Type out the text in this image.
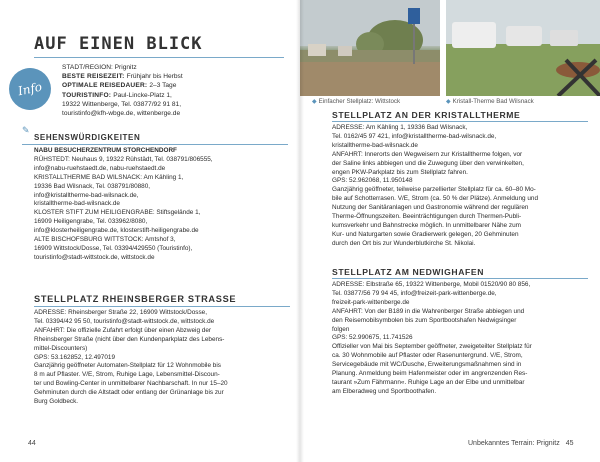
AUF EINEN BLICK
Info
STADT/REGION: Prignitz
BESTE REISEZEIT: Frühjahr bis Herbst
OPTIMALE REISEDAUER: 2–3 Tage
TOURISTINFO: Paul-Lincke-Platz 1,
19322 Wittenberge, Tel. 03877/92 91 81,
touristinfo@kfh-wbge.de, wittenberge.de
✎
SEHENSWÜRDIGKEITEN

NABU BESUCHERZENTRUM STORCHENDORF

RÜHSTEDT: Neuhaus 9, 19322 Rühstädt, Tel. 038791/806555,

info@nabu-ruehstaedt.de, nabu-ruehstaedt.de

KRISTALLTHERME BAD WILSNACK: Am Kähling 1,

19336 Bad Wilsnack, Tel. 038791/80880,

info@kristalltherme-bad-wilsnack.de,

kristalltherme-bad-wilsnack.de

KLOSTER STIFT ZUM HEILIGENGRABE: Stiftsgelände 1,

16909 Heiligengrabe, Tel. 033962/8080,

info@klosterheiligengrabe.de, klosterstift-heiligengrabe.de

ALTE BISCHOFSBURG WITTSTOCK: Amtshof 3,

16909 Wittstock/Dosse, Tel. 03394/429550 (Touristinfo),

touristinfo@stadt-wittstock.de, wittstock.de

STELLPLATZ RHEINSBERGER STRASSE

ADRESSE: Rheinsberger Straße 22, 16909 Wittstock/Dosse,

Tel. 03394/42 95 50, touristinfo@stadt-wittstock.de, wittstock.de

ANFAHRT: Die offizielle Zufahrt erfolgt über einen Abzweig der

Rheinsberger Straße (nicht über den Kundenparkplatz des Lebens-

mittel-Discounters)

GPS: 53.162852, 12.497019

Ganzjährig geöffneter Automaten-Stellplatz für 12 Wohnmobile bis

8 m auf Pflaster. V/E, Strom, Ruhige Lage, Lebensmittel-Discoun-

ter und Bowling-Center in unmittelbarer Nachbarschaft. In nur 15–20

Gehminuten durch die Altstadt oder entlang der Grünanlage bis zur

Burg Goldbeck.

44
◆ Einfacher Stellplatz: Wittstock	◆ Kristall-Therme Bad Wilsnack
STELLPLATZ AN DER KRISTALLTHERME

ADRESSE: Am Kähling 1, 19336 Bad Wilsnack,

Tel. 0162/45 97 421, info@kristalltherme-bad-wilsnack.de,

kristalltherme-bad-wilsnack.de

ANFAHRT: Innerorts den Wegweisern zur Kristalltherme folgen, vor

der Saline links abbiegen und die Zuwegung über den verwinkelten,

engen PKW-Parkplatz bis zum Stellplatz fahren.

GPS: 52.962068, 11.950148

Ganzjährig geöffneter, teilweise parzellierter Stellplatz für ca. 60–80 Mo-

bile auf Schotterrasen. V/E, Strom (ca. 50 % der Plätze). Anmeldung und

Nutzung der Sanitäranlagen und Gastronomie während der regulären

Therme-Öffnungszeiten. Beeinträchtigungen durch Thermen-Publi-

kumsverkehr und Bahnstrecke möglich. In unmittelbarer Nähe zum

Kur- und Naturgarten sowie Gradierwerk gelegen, 20 Gehminuten

durch den Ort bis zur Wunderblutkirche St. Nikolai.

STELLPLATZ AM NEDWIGHAFEN

ADRESSE: Elbstraße 65, 19322 Wittenberge, Mobil 01520/90 80 856,

Tel. 03877/56 79 94 45, info@freizeit-park-wittenberge.de,

freizeit-park-wittenberge.de

ANFAHRT: Von der B189 in die Wahrenberger Straße abbiegen und

den Reisemobilsymbolen bis zum Sportbootshafen Nedwigsinger

folgen

GPS: 52.990675, 11.741526

Offizieller von Mai bis September geöffneter, zweigeteilter Stellplatz für

ca. 30 Wohnmobile auf Pflaster oder Rasenuntergrund. V/E, Strom,

Servicegebäude mit WC/Dusche, Erweiterungsmaßnahmen sind in

Planung. Anmeldung beim Hafenmeister oder im angrenzenden Res-

taurant »Zum Fährmann«. Ruhige Lage an der Elbe und unmittelbar

am Elberadweg und Sportboothafen.

Unbekanntes Terrain: Prignitz 45
